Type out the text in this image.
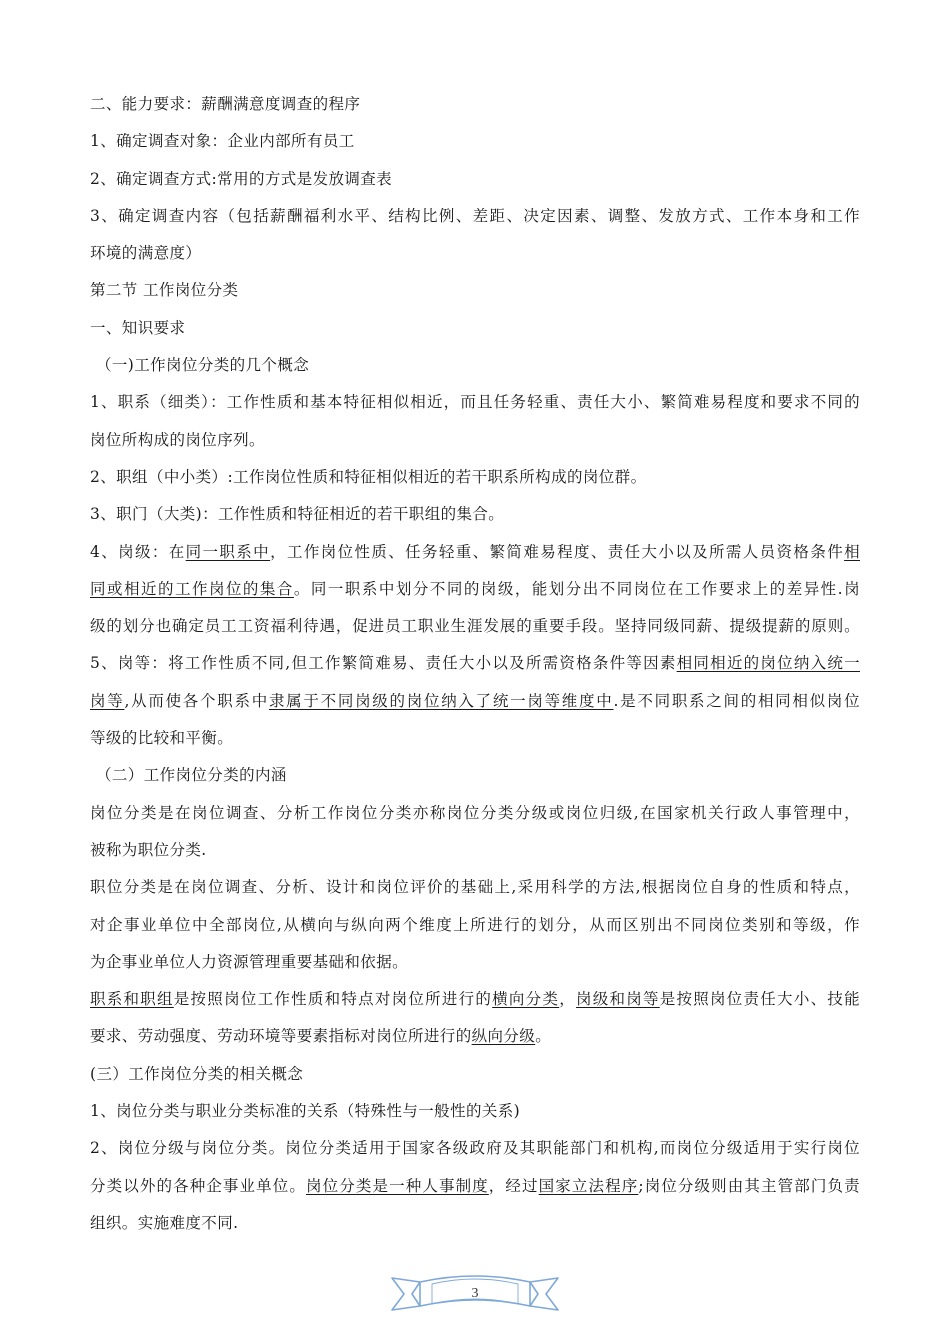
二、能力要求：薪酬满意度调查的程序
1、确定调查对象：企业内部所有员工
2、确定调查方式:常用的方式是发放调查表
3、确定调查内容（包括薪酬福利水平、结构比例、差距、决定因素、调整、发放方式、工作本身和工作
环境的满意度）
第二节 工作岗位分类
一、知识要求
（一)工作岗位分类的几个概念
1、职系（细类）：工作性质和基本特征相似相近，而且任务轻重、责任大小、繁简难易程度和要求不同的
岗位所构成的岗位序列。
2、职组（中小类）:工作岗位性质和特征相似相近的若干职系所构成的岗位群。
3、职门（大类)：工作性质和特征相近的若干职组的集合。
4、岗级：在同一职系中，工作岗位性质、任务轻重、繁简难易程度、责任大小以及所需人员资格条件相
同或相近的工作岗位的集合。同一职系中划分不同的岗级，能划分出不同岗位在工作要求上的差异性.岗
级的划分也确定员工工资福利待遇，促进员工职业生涯发展的重要手段。坚持同级同薪、提级提薪的原则。
5、岗等：将工作性质不同,但工作繁简难易、责任大小以及所需资格条件等因素相同相近的岗位纳入统一
岗等,从而使各个职系中隶属于不同岗级的岗位纳入了统一岗等维度中.是不同职系之间的相同相似岗位
等级的比较和平衡。
（二）工作岗位分类的内涵
岗位分类是在岗位调查、分析工作岗位分类亦称岗位分类分级或岗位归级,在国家机关行政人事管理中，
被称为职位分类.
职位分类是在岗位调查、分析、设计和岗位评价的基础上,采用科学的方法,根据岗位自身的性质和特点，
对企事业单位中全部岗位,从横向与纵向两个维度上所进行的划分，从而区别出不同岗位类别和等级，作
为企事业单位人力资源管理重要基础和依据。
职系和职组是按照岗位工作性质和特点对岗位所进行的横向分类，岗级和岗等是按照岗位责任大小、技能
要求、劳动强度、劳动环境等要素指标对岗位所进行的纵向分级。
(三）工作岗位分类的相关概念
1、岗位分类与职业分类标准的关系（特殊性与一般性的关系)
2、岗位分级与岗位分类。岗位分类适用于国家各级政府及其职能部门和机构,而岗位分级适用于实行岗位
分类以外的各种企事业单位。岗位分类是一种人事制度，经过国家立法程序;岗位分级则由其主管部门负责
组织。实施难度不同.
3
